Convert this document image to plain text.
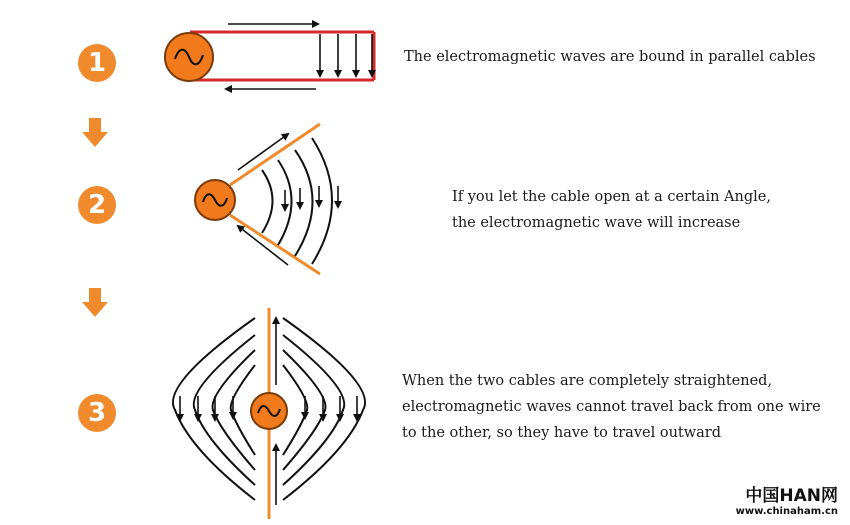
1
2
3
The electromagnetic waves are bound in parallel cables
If you let the cable open at a certain Angle,
the electromagnetic wave will increase
When the two cables are completely straightened,
electromagnetic waves cannot travel back from one wire
to the other, so they have to travel outward
中国HAN网
www.chinaham.cn
